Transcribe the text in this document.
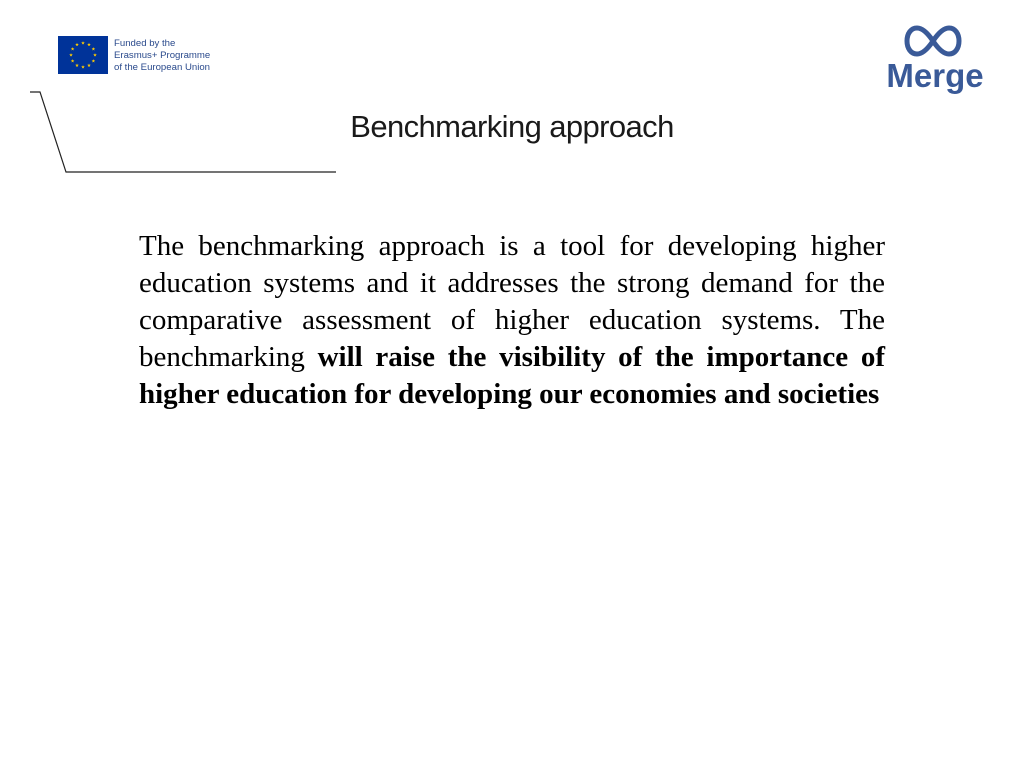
Funded by the
Erasmus+ Programme
of the European Union	Merge
Benchmarking approach

The benchmarking approach is a tool for developing higher education systems and it addresses the strong demand for the comparative assessment of higher education systems. The benchmarking will raise the visibility of the importance of higher education for developing our economies and societies
